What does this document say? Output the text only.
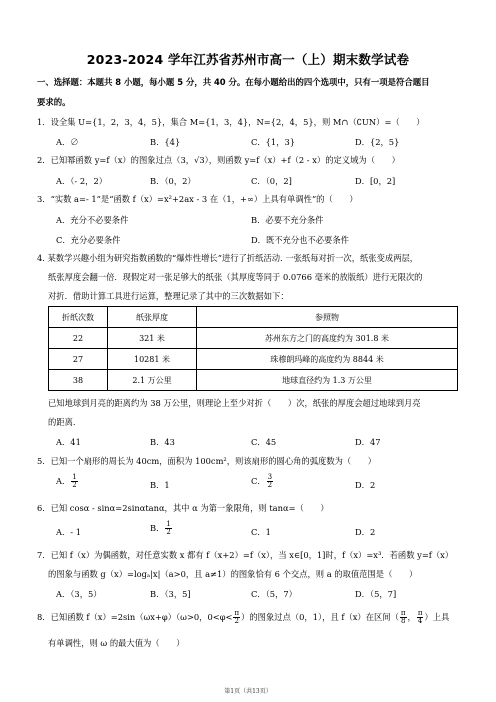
2023-2024 学年江苏省苏州市高一（上）期末数学试卷
一、选择题：本题共 8 小题，每小题 5 分，共 40 分。在每小题给出的四个选项中，只有一项是符合题目
要求的。
1．设全集 U={1，2，3，4，5}，集合 M={1，3，4}，N={2，4，5}，则 M∩（∁UN）=（　　）
A．∅	B．{4}	C．{1，3}	D．{2，5}
2．已知幂函数 y=f（x）的图象过点（3，√3），则函数 y=f（x）+f（2 - x）的定义域为（　　）
A．（- 2，2）	B．（0，2）	C．（0，2]	D．[0，2]
3．“实数 a=- 1”是“函数 f（x）=x²+2ax - 3 在（1，+∞）上具有单调性”的（　　）
A．充分不必要条件	B．必要不充分条件
C．充分必要条件	D．既不充分也不必要条件
4. 某数学兴趣小组为研究指数函数的“爆炸性增长”进行了折纸活动. 一张纸每对折一次，纸张变成两层，
纸张厚度会翻一倍．现假定对一张足够大的纸张（其厚度等同于 0.0766 毫米的放版纸）进行无限次的
对折．借助计算工具进行运算，整理记录了其中的三次数据如下：
折纸次数	纸张厚度	参照物
22	321 米	苏州东方之门的高度约为 301.8 米
27	10281 米	珠穆朗玛峰的高度约为 8844 米
38	2.1 万公里	地球直径约为 1.3 万公里
已知地球到月亮的距离约为 38 万公里，则理论上至少对折（　　）次，纸张的厚度会超过地球到月亮
的距离.
A．41	B．43	C．45	D．47
5．已知一个扇形的周长为 40cm，面积为 100cm²，则该扇形的圆心角的弧度数为（　　）
A． $\frac{1}{2}$	B．1	C． $\frac{3}{2}$	D．2
6．已知 cosα - sinα=2sinαtanα，其中 α 为第一象限角，则 tanα=（　　）
A．- 1	B． $\frac{1}{2}$	C．1	D．2
7．已知 f（x）为偶函数，对任意实数 x 都有 f（x+2）=f（x），当 x∈[0，1]时，f（x）=x³．若函数 y=f（x）
的图象与函数 g（x）=logₐ|x|（a>0，且 a≠1）的图象恰有 6 个交点，则 a 的取值范围是（　　）
A．（3，5）	B．（3，5]	C．（5，7）	D．（5，7]
8．已知函数 f（x）=2sin（ωx+φ）（ω>0，$0<\varphi< \frac{\pi}{2}$ ）的图象过点（0，1），且 f（x）在区间（ $\frac{\pi}{8}$ ， $\frac{\pi}{4}$ ）上具
有单调性，则 ω 的最大值为（　　）
第1页（共13页）
